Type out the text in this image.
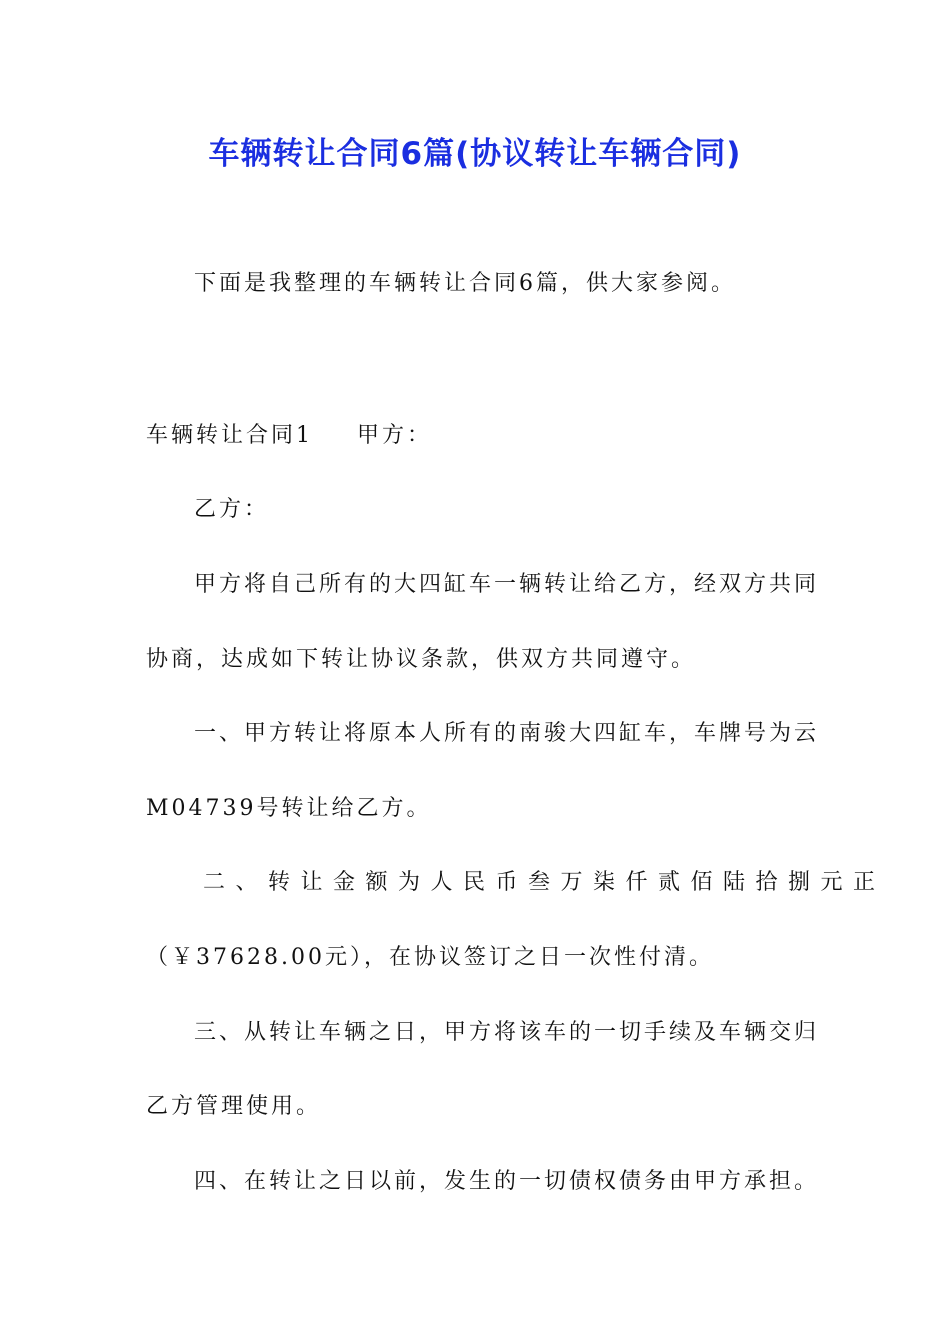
车辆转让合同6篇(协议转让车辆合同)

下面是我整理的车辆转让合同6篇，供大家参阅。

车辆转让合同1 甲方：

乙方：

甲方将自己所有的大四缸车一辆转让给乙方，经双方共同

协商，达成如下转让协议条款，供双方共同遵守。

一、甲方转让将原本人所有的南骏大四缸车，车牌号为云

M04739号转让给乙方。

二、转让金额为人民币叁万柒仟贰佰陆拾捌元正

（￥37628.00元），在协议签订之日一次性付清。

三、从转让车辆之日，甲方将该车的一切手续及车辆交归

乙方管理使用。

四、在转让之日以前，发生的一切债权债务由甲方承担。
